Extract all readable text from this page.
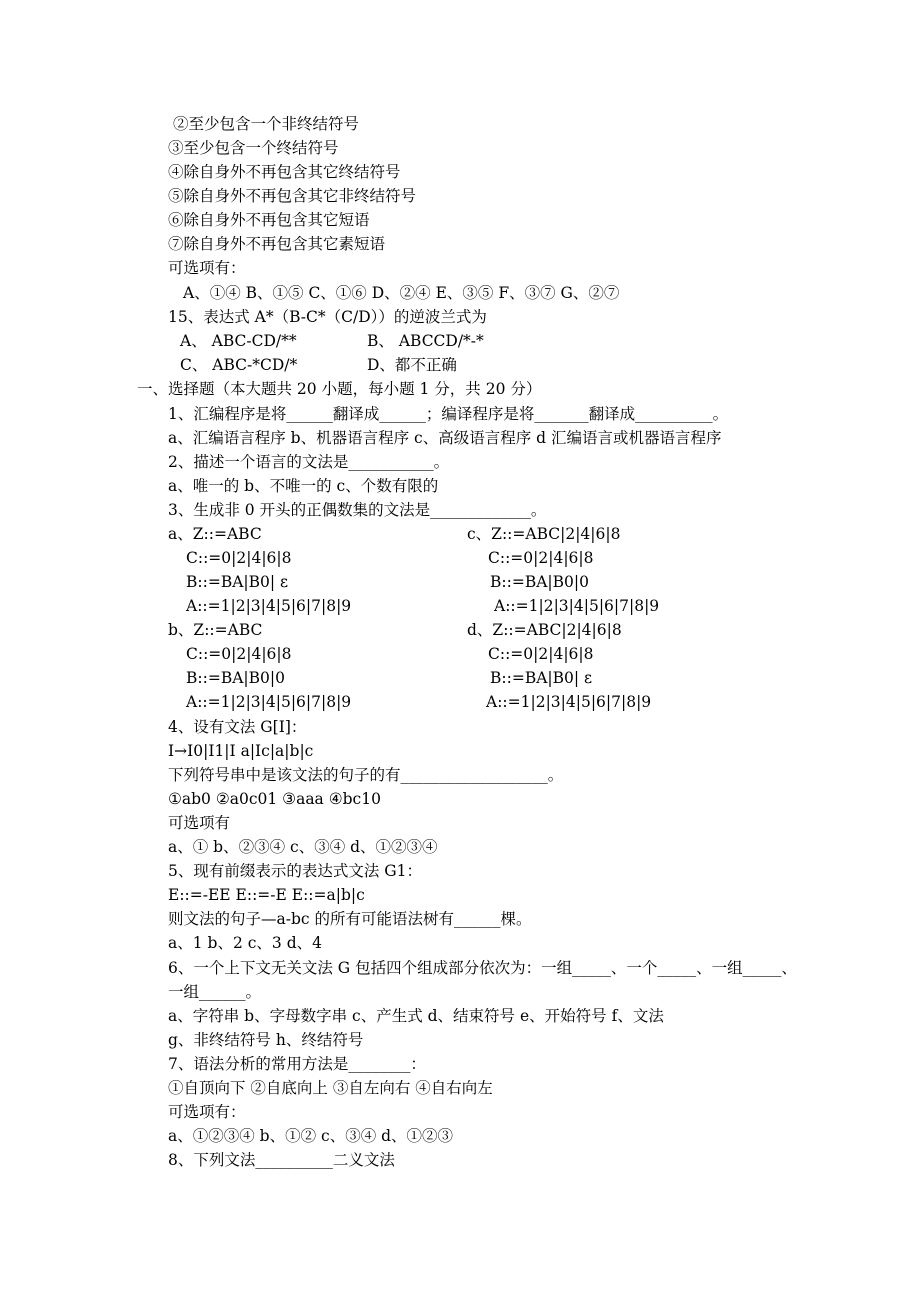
②至少包含一个非终结符号
③至少包含一个终结符号
④除自身外不再包含其它终结符号
⑤除自身外不再包含其它非终结符号
⑥除自身外不再包含其它短语
⑦除自身外不再包含其它素短语
可选项有：
A、①④ B、①⑤ C、①⑥ D、②④ E、③⑤ F、③⑦ G、②⑦
15、表达式 A*（B-C*（C/D））的逆波兰式为
A、 ABC-CD/**	B、 ABCCD/*-*
C、 ABC-*CD/*	D、都不正确
一、选择题（本大题共 20 小题，每小题 1 分，共 20 分）
1、汇编程序是将______翻译成______；编译程序是将_______翻译成__________。
a、汇编语言程序 b、机器语言程序 c、高级语言程序 d 汇编语言或机器语言程序
2、描述一个语言的文法是___________。
a、唯一的 b、不唯一的 c、个数有限的
3、生成非 0 开头的正偶数集的文法是_____________。
a、Z::=ABC	c、Z::=ABC|2|4|6|8
C::=0|2|4|6|8	C::=0|2|4|6|8
B::=BA|B0| ε	B::=BA|B0|0
A::=1|2|3|4|5|6|7|8|9	A::=1|2|3|4|5|6|7|8|9
b、Z::=ABC	d、Z::=ABC|2|4|6|8
C::=0|2|4|6|8	C::=0|2|4|6|8
B::=BA|B0|0	B::=BA|B0| ε
A::=1|2|3|4|5|6|7|8|9	A::=1|2|3|4|5|6|7|8|9
4、设有文法 G[I]：
I→I0|I1|I a|Ic|a|b|c
下列符号串中是该文法的句子的有___________________。
①ab0 ②a0c01 ③aaa ④bc10
可选项有
a、① b、②③④ c、③④ d、①②③④
5、现有前缀表示的表达式文法 G1：
E::=-EE E::=-E E::=a|b|c
则文法的句子—a-bc 的所有可能语法树有______棵。
a、1 b、2 c、3 d、4
6、一个上下文无关文法 G 包括四个组成部分依次为：一组_____、一个_____、一组_____、
一组______。
a、字符串 b、字母数字串 c、产生式 d、结束符号 e、开始符号 f、文法
g、非终结符号 h、终结符号
7、语法分析的常用方法是________：
①自顶向下 ②自底向上 ③自左向右 ④自右向左
可选项有：
a、①②③④ b、①② c、③④ d、①②③
8、下列文法__________二义文法
